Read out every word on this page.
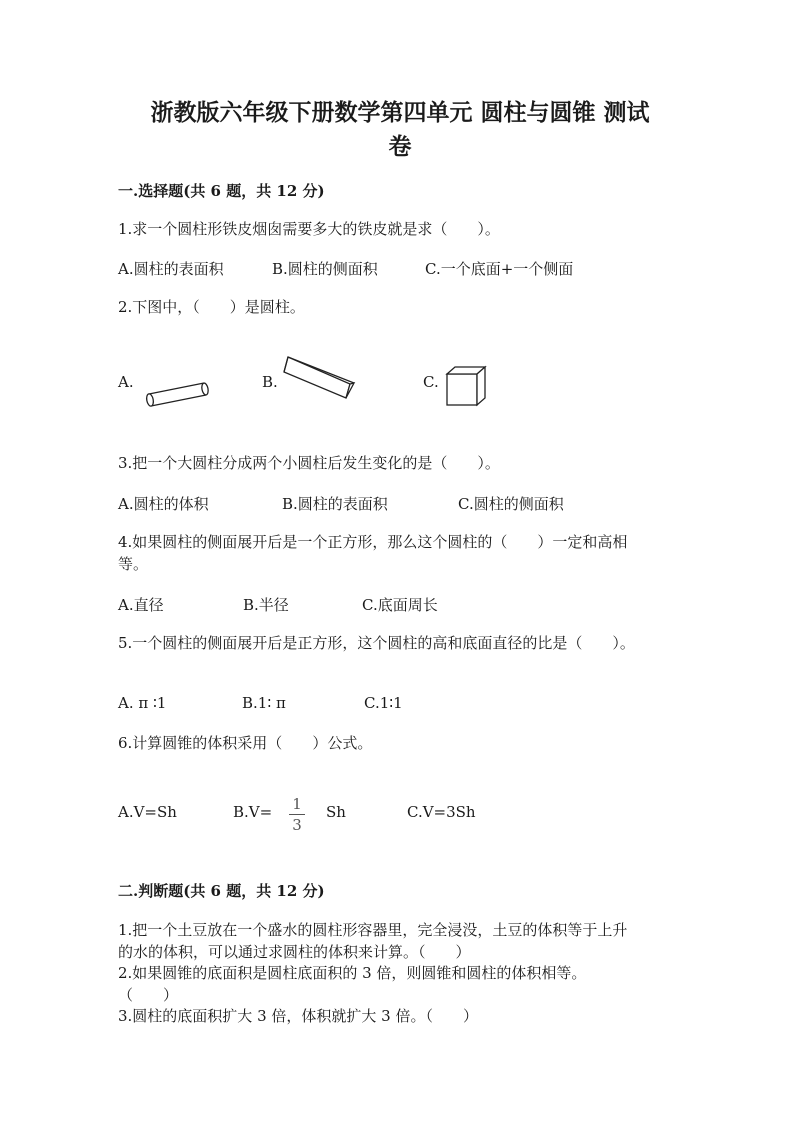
浙教版六年级下册数学第四单元 圆柱与圆锥 测试
卷

一.选择题(共 6 题，共 12 分)

1.求一个圆柱形铁皮烟囱需要多大的铁皮就是求（　　）。

A.圆柱的表面积	B.圆柱的侧面积	C.一个底面+一个侧面

2.下图中，（　　）是圆柱。

A.	B.	C.

3.把一个大圆柱分成两个小圆柱后发生变化的是（　　）。

A.圆柱的体积	B.圆柱的表面积	C.圆柱的侧面积

4.如果圆柱的侧面展开后是一个正方形，那么这个圆柱的（　　）一定和高相

等。

A.直径	B.半径	C.底面周长

5.一个圆柱的侧面展开后是正方形，这个圆柱的高和底面直径的比是（　　）。

A. π ∶1	B.1∶ π	C.1∶1

6.计算圆锥的体积采用（　　）公式。

A.V=Sh	B.V= 1
3
Sh	C.V=3Sh

二.判断题(共 6 题，共 12 分)

1.把一个土豆放在一个盛水的圆柱形容器里，完全浸没，土豆的体积等于上升

的水的体积，可以通过求圆柱的体积来计算。（　　）

2.如果圆锥的底面积是圆柱底面积的 3 倍，则圆锥和圆柱的体积相等。

（　　）

3.圆柱的底面积扩大 3 倍，体积就扩大 3 倍。（　　）
